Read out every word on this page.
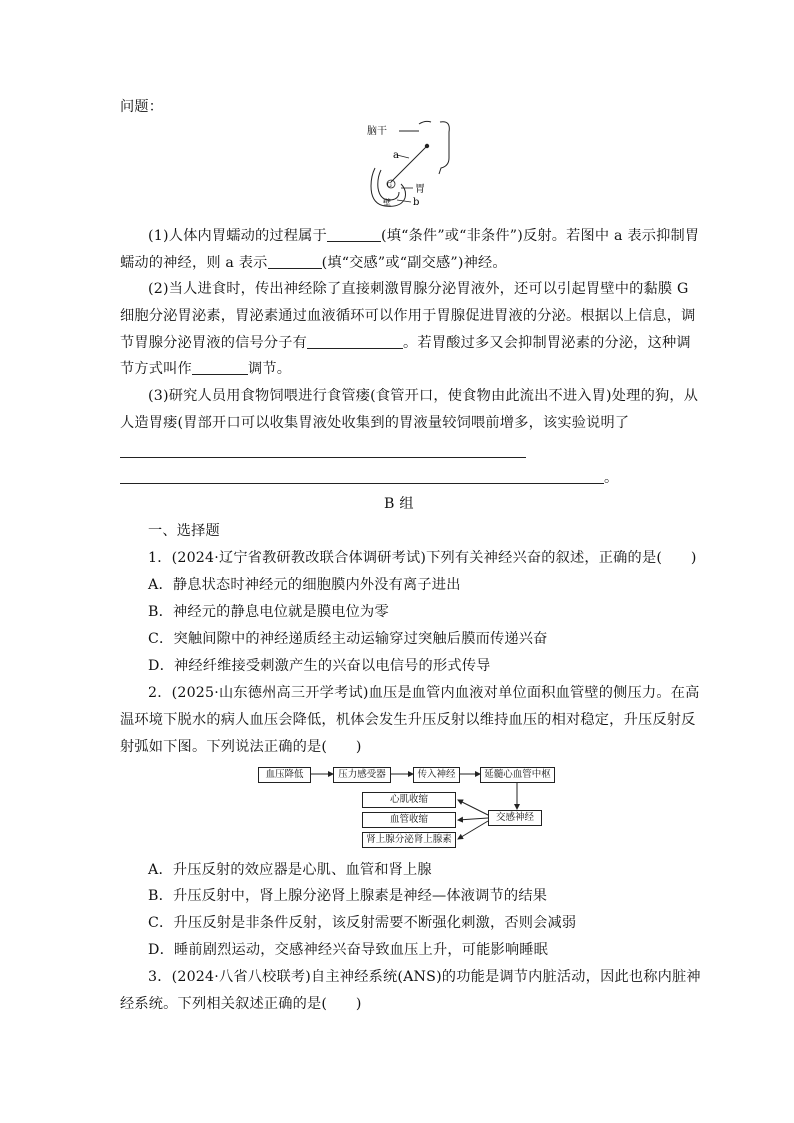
问题：
脑干
a
胃
b
G
壁
(1)人体内胃蠕动的过程属于	(填“条件”或“非条件”)反射。若图中 a 表示抑制胃
蠕动的神经，则 a 表示	(填“交感”或“副交感”)神经。
(2)当人进食时，传出神经除了直接刺激胃腺分泌胃液外，还可以引起胃壁中的黏膜 G
细胞分泌胃泌素，胃泌素通过血液循环可以作用于胃腺促进胃液的分泌。根据以上信息，调
节胃腺分泌胃液的信号分子有	。若胃酸过多又会抑制胃泌素的分泌，这种调
节方式叫作	调节。
(3)研究人员用食物饲喂进行食管瘘(食管开口，使食物由此流出不进入胃)处理的狗，从
人造胃瘘(胃部开口可以收集胃液处收集到的胃液量较饲喂前增多，该实验说明了
。
B 组
一、选择题
1．(2024·辽宁省教研教改联合体调研考试)下列有关神经兴奋的叙述，正确的是(　　)
A．静息状态时神经元的细胞膜内外没有离子进出
B．神经元的静息电位就是膜电位为零
C．突触间隙中的神经递质经主动运输穿过突触后膜而传递兴奋
D．神经纤维接受刺激产生的兴奋以电信号的形式传导
2．(2025·山东德州高三开学考试)血压是血管内血液对单位面积血管壁的侧压力。在高
温环境下脱水的病人血压会降低，机体会发生升压反射以维持血压的相对稳定，升压反射反
射弧如下图。下列说法正确的是(　　)
血压降低	压力感受器	传入神经	延髓心血管中枢
交感神经
心肌收缩
血管收缩
肾上腺分泌肾上腺素
A．升压反射的效应器是心肌、血管和肾上腺
B．升压反射中，肾上腺分泌肾上腺素是神经—体液调节的结果
C．升压反射是非条件反射，该反射需要不断强化刺激，否则会减弱
D．睡前剧烈运动，交感神经兴奋导致血压上升，可能影响睡眠
3．(2024·八省八校联考)自主神经系统(ANS)的功能是调节内脏活动，因此也称内脏神
经系统。下列相关叙述正确的是(　　)
